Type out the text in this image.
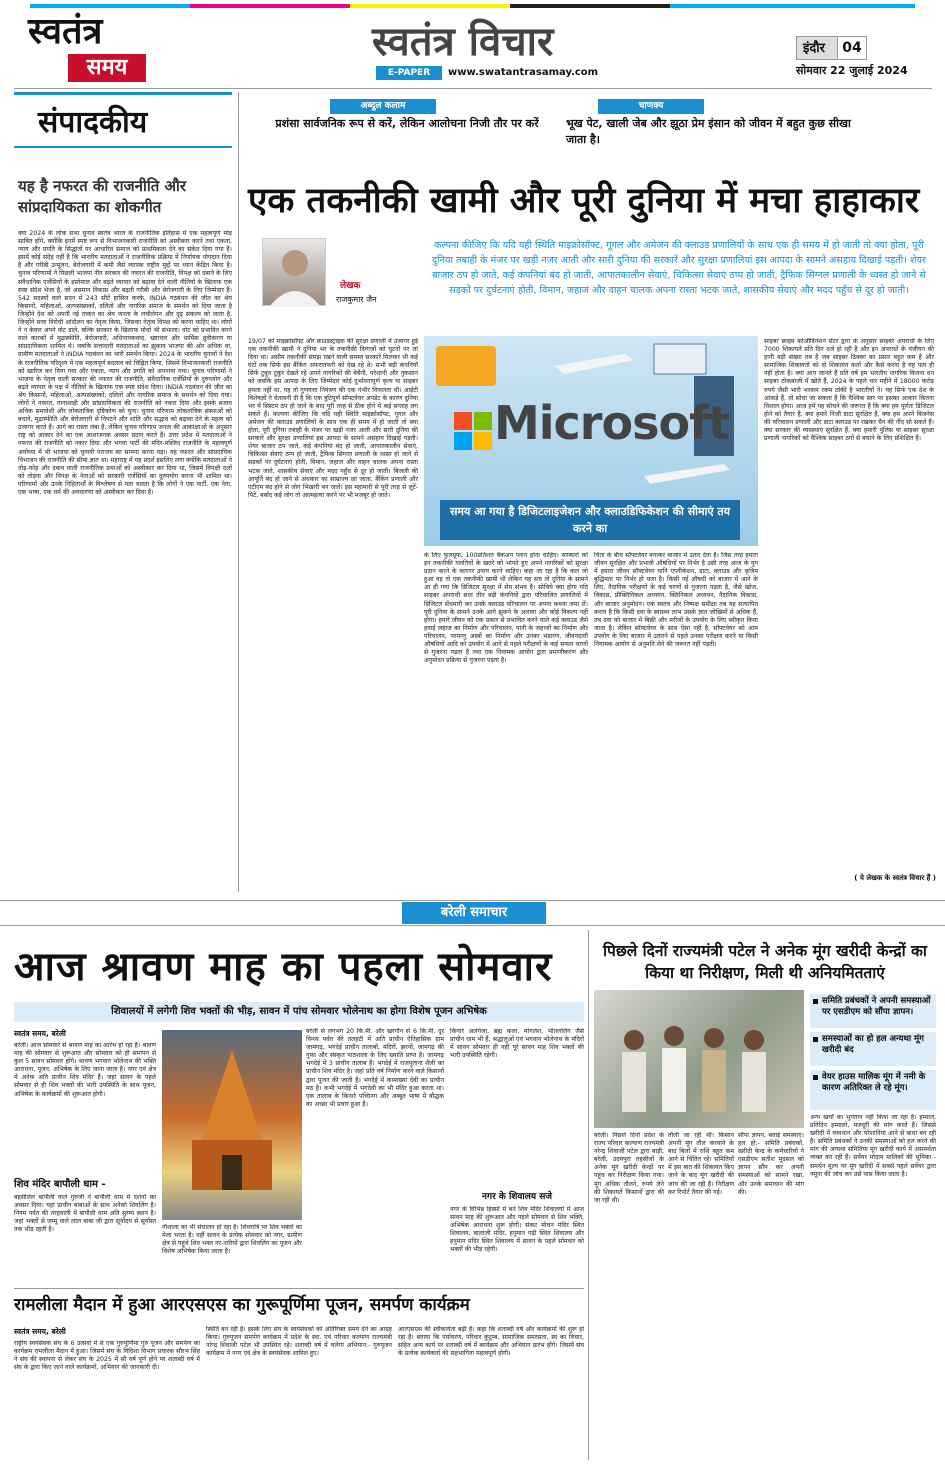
स्वतंत्र
समय
स्वतंत्र विचार
E-PAPER	www.swatantrasamay.com
इंदौर	04
सोमवार 22 जुलाई 2024
संपादकीय
यह है नफरत की राजनीति और सांप्रदायिकता का शोकगीत
क्या 2024 के लोक सभा चुनाव स्वतंत्र भारत के राजनीतिक इतिहास में एक महत्वपूर्ण मोड़ साबित होंगे, क्योंकि इनमें स्पष्ट रूप से विभाजनकारी राजनीति को अस्वीकार करने तथा एकता, न्याय और प्रगति के सिद्धांतों पर आधारित समाज को प्राथमिकता देने का संकेत दिया गया है। इसमें कोई संदेह नहीं है कि भारतीय मतदाताओं ने राजनीतिक प्रक्रिया में निर्णायक योगदान दिया है और गरीबी उन्मूलन, बेरोजगारी में कमी जैसे व्यापक राष्ट्रीय मुद्दों पर ध्यान केंद्रित किया है। चुनाव परिणामों ने पिछली भाजपा नीत सरकार की नफरत की राजनीति, विपक्ष को दबाने के लिए संवैधानिक एजेंसियों के इस्तेमाल और बढ़ते व्यापार को बढ़ावा देने वाली नीतियों के खिलाफ एक स्पष्ट संदेश भेजा है, जो असमान विकास और बढ़ती गरीबी और बेरोजगारी के लिए जिम्मेदार हैं। 542 सदस्यों वाले सदन में 243 सीटें हासिल करके, INDIA गठबंधन की जीत का श्रेय किसानों, महिलाओं, अल्पसंख्यकों, दलितों और नागरिक समाज के समर्थन को दिया जाता है जिन्होंने देश को अपनी नई ताकत का श्रेय जनता के लचीलेपन और दृढ़ संकल्प को जाता है, जिन्होंने सत्ता विरोधी आंदोलन का नेतृत्व किया, जिसका नेतृत्व विपक्ष को करना चाहिए था। लोगों ने न केवल अपने वोट डाले, बल्कि सरकार के खिलाफ मोर्चा भी संभाला। वोट को प्रभावित करने वाले कारकों में मुद्रास्फीति, बेरोजगारी, अधिनायकवाद, भ्रष्टाचार और धार्मिक ध्रुवीकरण या सांप्रदायिकता शामिल थे। जबकि सत्ताधारी मतदाताओं का झुकाव भाजपा की ओर अधिक था, ग्रामीण मतदाताओं ने INDIA गठबंधन का भारी समर्थन किया। 2024 के भारतीय चुनावों ने देश के राजनीतिक परिदृश्य में एक महत्वपूर्ण बदलाव को चिह्नित किया, जिसमें विभाजनकारी राजनीति को खारिज कर दिया गया और एकता, न्याय और प्रगति को अपनाया गया। चुनाव परिणामों ने भाजपा के नेतृत्व वाली सरकार की नफरत की राजनीति, संवैधानिक एजेंसियों के दुरुपयोग और बढ़ते व्यापार के पक्ष में नीतियों के खिलाफ एक स्पष्ट संदेश दिया। INDIA गठबंधन की जीत का श्रेय किसानों, महिलाओं, अल्पसंख्यकों, दलितों और नागरिक समाज के समर्थन को दिया गया। लोगों ने नफरत, तानाशाही और सांप्रदायिकता की राजनीति को नकार दिया और इसके बजाय अधिक समावेशी और लोकतांत्रिक दृष्टिकोण को चुना। चुनाव परिणाम लोकतांत्रिक संस्थाओं को बचाने, मुद्रास्फीति और बेरोजगारी से निपटने और शांति और सद्भाव को बढ़ावा देने के महत्व को उजागर करते हैं। आगे का रास्ता लंबा है, लेकिन चुनाव परिणाम जनता की आकांक्षाओं के अनुसार राष्ट्र को आकार देने का एक आशाजनक अवसर प्रदान करते हैं। उत्तर प्रदेश में मतदाताओं ने नफरत की राजनीति को नकार दिया और भगवा पार्टी की मंदिर-मस्जिद राजनीति के महत्वपूर्ण अयोध्या में भी भाजपा को चुनावी पराजय का सामना करना पड़ा। यह नफरत और सांप्रदायिक विभाजन की राजनीति की सीमा ज्ञात था। महाराष्ट्र में यह प्रदर्श इसलिए लगा क्योंकि मतदाताओं ने तोड़-फोड़ और दबाव वाली राजनीतिक प्रथाओं को अस्वीकार कर दिया था, जिसमें विपक्षी दलों को तोड़ना और विपक्ष के नेताओं को सरकारी एजेंसियों का दुरुपयोग करना भी शामिल था। परिणामों और उनके निहितार्थों के विश्लेषण से पता चलता है कि लोगों ने एक पार्टी, एक नेता, एक भाषा, एक धर्म की अवधारणा को अस्वीकार कर दिया है।
अब्दुल कलाम
प्रशंसा सार्वजनिक रूप से करें, लेकिन आलोचना निजी तौर पर करें
चाणक्य
भूख पेट, खाली जेब और झूठा प्रेम इंसान को जीवन में बहुत कुछ सीखा जाता है।
एक तकनीकी खामी और पूरी दुनिया में मचा हाहाकार
लेखक
राजकुमार जैन
कल्पना कीजिए कि यदि यही स्थिति माइक्रोसॉफ्ट, गूगल और अमेजन की क्लाउड प्रणालियों के साथ एक ही समय में हो जाती तो क्या होता, पूरी दुनिया तबाही के मंजर पर खड़ी नजर आती और सारी दुनिया की सरकारें और सुरक्षा प्रणालियां इस आपदा के सामने असहाय दिखाई पड़ती। शेयर बाजार ठप हो जाते, कई कंपनियां बंद हो जाती, आपातकालीन सेवाएं, चिकित्सा सेवाएं ठप्प हो जाती, ट्रैफिक सिग्नल प्रणाली के ध्वस्त हो जाने से सड़कों पर दुर्घटनाएं होती, विमान, जहाज और वाहन चालक अपना रास्ता भटक जाते, शासकीय सेवाएं और मदद पहुँच से दूर हो जाती।
Microsoft
समय आ गया है डिजिटलाइजेशन और क्लाउडिफिकेशन की सीमाएं तय करने का
19/07 को माइक्रोसॉफ्ट और क्राउडस्ट्राइक की सुरक्षा प्रणाली में उजागर हुई एक तकनीकी खामी ने दुनिया भर के तकनीकी दिग्गजों को घुटनों पर ला दिया था। असीम तकनीकी समझ रखने वाली समस्त सरकारें मिलकर भी कई घंटों तक सिर्फ इस बैंकिंग अफरातफरी को देख रहे थे। सभी बड़ी कंपनियाँ सिर्फ टुकुर टुकुर देखते रहे अपने नागरिकों की बेचैनी, परेशानी और नुकसान को जबकि इस आपदा के लिए जिम्मेदार कोई दुर्भावनापूर्ण कृत्य या साइबर हमला नहीं था, यह तो गुणवत्ता नियंत्रण की एक गंभीर विफलता थी। आईटी विशेषज्ञों ने चेतावनी दी है कि एक त्रुटिपूर्ण सॉफ्टवेयर अपडेट के कारण दुनिया भर में सिस्टम ठप हो जाने के बाद पूरी तरह से ठीक होने में कई सप्ताह लग सकते हैं। कल्पना कीजिए कि यदि यही स्थिति माइक्रोसॉफ्ट, गूगल और अमेजन की क्लाउड प्रणालियों के साथ एक ही समय में हो जाती तो क्या होता, पूरी दुनिया तबाही के मंजर पर खड़ी नजर आती और सारी दुनिया की सरकारें और सुरक्षा प्रणालियां इस आपदा के सामने असहाय दिखाई पड़ती। शेयर बाजार ठप जाते, कई कंपनियां बंद हो जाती, आपातकालीन सेवाएं, चिकित्सा सेवाएं ठप्प हो जाती, ट्रैफिक सिग्नल प्रणाली के ध्वस्त हो जाने से सड़कों पर दुर्घटनाएं होती, विमान, जहाज और वाहन चालक अपना रास्ता भटक जाते, शासकीय सेवाएं और मदद पहुँच से दूर हो जाती। बिजली की आपूर्ति बंद हो जाने से अंधकार का साम्राज्य छा जाता, बैंकिंग प्रणाली और एटीएम बंद होने से लोग भिखारी बन जाते। इस महामारी से पूरी तरह से लूटें-पिटें, बर्बाद कई लोग तो आत्महत्या करने पर भी मजबूर हो जाते।
के लिए फुलप्रूफ, 100प्रतिशत बैकअप प्लान होना चाहिए। सरकारों को इन तकनीकी गलतियों के खतरे को भांपते हुए अपने नागरिकों को सुरक्षा प्रदान करने के कारगर उपाय करने चाहिए। कहा जा रहा है कि कल जो हुआ वह तो एक तकनीकी खामी थी लेकिन यह सच तो दुनिया के सामने आ ही गया कि डिजिटल सुरक्षा में सेंध संभव है। सोचिये क्या होगा यदि साइबर अपराधी सात तीन बड़ी कंपनियों द्वारा परिचालित प्रणालियों में डिजिटल सेंधमारी कर उनके क्लाउड परिचालन पर अपना कब्जा जमा लें। पूरी दुनिया के सामने उनके आगे झुकने के अलावा और कोई विकल्प नहीं होगा। हमारे जीवन को एक प्रकार से प्रभावित करने वाले कई क्लाउड जैसे हवाई जहाज का निर्माण और परिचालन, पानी के जहाजों का निर्माण और परिचालन, परमाणु अस्त्रों का निर्माण और उनका भंडारण, जीवनदायी औषधियों आदि को उपयोग में आने से पहले परीक्षणों के कई सफल चरणों से गुजरना पड़ता है तथा एक नियामक आयोग द्वारा प्रमाणीकरण और अनुमोदन प्रक्रिया से गुजरना पड़ता है।
चिंता के बीच सॉफ्टवेयर बनाकर बाजार में उतार देता है। जिस तरह हमारा जीवन सुरक्षित और प्रभावी औषधियों पर निर्भर है उसी तरह आज के युग में हमारा जीवन सॉफ्टवेयर यानि एप्लीकेशन, डाटा, क्लाउड और कृत्रिम बुद्धिमता पर निर्भर हो चला है। किसी नई औषधी को बाजार में आने के लिए, नैदानिक परीक्षणों के कई चरणों से गुजरना पड़ता है, जैसे खोज, विकास, प्रीक्लिनिकल अध्ययन, क्लिनिकल अध्ययन, नैदानिक विकास, और बाजार अनुमोदन। एक स्वतंत्र और निष्पक्ष समीक्षा तब यह सत्यापित करता है कि किसी दवा के स्वास्थ्य लाभ उसके ज्ञात जोखिमों से अधिक हैं, तब दवा को बाजार में बिक्री और मरीजों के उपयोग के लिए स्वीकृत किया जाता है। लेकिन सॉफ्टवेयर के साथ ऐसा नहीं है, सॉफ्टवेयर को आम उपयोग के लिए बाजार में उतारने से पहले उनका परीक्षण करने या किसी नियामक आयोग से अनुमति लेने की जरूरत नहीं पड़ती।
साइबर क्राइम कोऑर्डिनेशन सेंटर द्वारा के अनुसार साइबर अपराधों के लिए 7000 शिकायतें प्रति दिन दर्ज हो रही है और इन अपराधों के पंजीयन की हानी बड़ी संख्या तब है जब साइबर ठिक्का का प्रसार बहुत कम है और सामाजिक शिकायतों को दो शिकायत कर्ता और कैसे करना है यह पता ही नहीं होता है। क्या आप जानते हैं प्रति वर्ष हम भारतीय नागरिक कितना धन साइबर ठोकबाजी में खोते हैं, 2024 के पहले चार महीने में 18000 करोड़ रुपये जैसी भारी भरकम रकम ठोकी है भारतीयों ने। यह सिर्फ एक देश के आंकड़े हैं, तो सोचा जा सकता है कि वैश्विक स्तर पर इसका आकार कितना विशाल होगा। आज हमें यह सोचने की जरूरत है कि क्या हम पूर्णतः डिजिटल होने को तैयार हैं, क्या हमारे निजी डाटा सुरक्षित है, क्या हम अपने बिजनेस की परिचालन प्रणाली और डाटा क्लाउड पर रखकर चैन की नींद सो सकते हैं। क्या सरकार की व्यवस्थाएं सुरक्षित हैं, क्या हमारी पुलिस या साइबर सुरक्षा प्रणाली नागरिकों को वैश्विक साइबर ठगों से बचाने के लिए प्रशिक्षित हैं।
( ये लेखक के स्वतंत्र विचार हैं )
बरेली समाचार
आज श्रावण माह का पहला सोमवार
शिवालयों में लगेगी शिव भक्तों की भीड़, सावन में पांच सोमवार भोलेनाथ का होगा विशेष पूजन अभिषेक
स्वतंत्र समय, बरेली
बरेली। आज सोमवार से श्रावण माह का आरंभ हो रहा है। श्रावण माह की सोमवार से शुरूआत और सोमवार को ही समापन से कुल 5 सावन सोमवार होंगे। श्रावण भगवान भोलेनाथ की भक्ति आराधना, पूजन, अभिषेक के लिए जाना जाता है। नगर एवं क्षेत्र में अनेक अति प्राचीन शिव मंदिर हैं। जहां सावन के पहले सोमवार से ही शिव भक्तों की भारी उपस्थिति के साथ पूजन, अभिषेक के कार्यक्रमों की शुरूआत होगी।
शिव मंदिर बापौली धाम -
बहसीलेल बापौली वाले गुरुजी ने बापौली धाम में दर्शनों का अवसर दिया। यहां प्राचीन बाबाओं के साथ अनेको शिवलिंग है। नियम पर्वत की तरहवाली में बापौली धाम अति सुरम्य स्थान है। जहां भक्तों से जम्मू वाले लाल बाबा जी द्वारा सूर्योदय से सूर्यास्त तक भीड़ रहती है।	गौशाला का भी संचालन हो रहा है। शिवरात्रि पर शिव भक्तों का मेला भरता है। वहीं सावन के प्रत्येक सोमवार को नगर, ग्रामीण क्षेत्र से पहुंचे शिव भक्त नर-नारियों द्वारा शिवलिंग का पूजन और विशेष अभिषेक किया जाता है।
बरेली से लगभग 20 कि.मी. और खरगौन से 6 कि.मी. दूर विन्ध्य पर्वत की तलहटी में अति प्राचीन ऐतिहासिक ग्राम जामगढ़, भगदेई प्राचीन तालाबों, मंदिरों, झरनों, जामगढ़ की गुफा और संस्कृत पाठशाला के लिए ख्याति प्राप्त है। जामगढ़ भगदेई में 3 प्राचीन तालाब हैं। भगदेई में राजपूताना शैली का प्राचीन शिव मंदिर है। जहां प्रति वर्ष निर्माण करने वाले किसानों द्वारा पूजन की जाती है। भगदेई में कामाख्या देवी का प्राचीन मठ है। कभी भगदेई में भगदेवी का भी मंदिर हुआ करता था। एक तालाब के किनारे पच्चिनग और अब्बूत भाषा में बौद्धक का अच्छा भी प्रचार हुआ है।
किनारे अलंगेजा, ब्रह्म कला, मांगलेश, भीतललिंग जैसे प्राचीन धाम भी हैं, श्रद्धालुओं एवं भगवान भोलेनाथ के मंदिरों में सावन सोमवार ही नहीं पूरे सावन माह शिव भक्तों की भारी उपस्थिति रहेगी।
नगर के शिवालय सजे
नगर के विभिन्न हिस्सों में बने शिव मंदिर शिवालयों में आज सावन माह की शुरूआत और पहले सोमवार से शिव भक्ति, अभिषेक आराधना शुरू होगी। संकट मोचन मंदिर स्थित शिवालय, बालाजी मंदिर, हनुमान गढ़ी स्थित शिवालय और हनुमान मंदिर स्थित शिवालय में सावन के पहले सोमवार को भक्तों की भीड़ रहेगी।
पिछले दिनों राज्यमंत्री पटेल ने अनेक मूंग खरीदी केन्द्रों का किया था निरीक्षण, मिली थी अनियमितताएं
समिति प्रबंधकों ने अपनी समस्याओं पर एसडीएम को सौंपा ज्ञापन।
समस्याओं का हो हल अन्यथा मूंग खरीदी बंद
वेयर हाउस मालिक मूंग में नमी के कारण अतिरिक्त ले रहे मूंग।
बरेली। पिछले दिनों प्रदेश के राज्य परिवार कल्याण राज्यमंत्री नरेन्द्र शिवाजी पटेल द्वारा बाड़ी, बरेली, उदयपुरा तहसीलों के अनेक मूंग खरीदी केन्द्रों पर पहुंच कर निरीक्षण किया गया। मूंग अधिक तौलने, रुपये लेने की शिकायतें किसानों द्वारा की जा रही थी।
तौली जा रही थी। किसान अपनी मूंग तौल करवाने के बाद बिलों में राशि बहुत कम आने से चिंतित रहे। समितियों में इस बात की शिकायत किए जाने के बाद मूंग खरीदी की जांच की जा रही है। निरीक्षण कर रिपोर्ट तैयार की गई।
सौंपा ज्ञापन, बताई समस्याएं। हल हो:- समिति प्रबंधकों, खरीदी केन्द्र के कर्मचारियों ने एसडीएम सतीश मूदसल को ज्ञापन सौंप कर अपनी समस्याओं को सामने रखा, और उनके समाधान की मांग की।
अन्य खर्चों का भुगतान नहीं किया जा रहा है। हम्माल, प्रतिदिन हम्मालो, मजदूरी की मांग करते हैं। जिससे खरीदी में व्यवधान और परेशानियां आने से बाधा बन रही है। समिति प्रबंधकों ने उनकी समस्याओं को हल करने की मांग की अन्यथा समितिया मूंग खरीदी कार्य में असमर्थता व्यक्त कर रही हैं। सर्वेयर मोदाम मालिकों की भूमिका - समर्थन मूल्य पर मूंग खरीदी में सबसे पहले सर्वेयर द्वारा नमूना की जांच कर उसे पास किया जाता है।
रामलीला मैदान में हुआ आरएसएस का गुरूपूर्णिमा पूजन, समर्पण कार्यक्रम
स्वतंत्र समय, बरेली
राष्ट्रीय स्वयंसेवक संघ के 6 उत्सवों में से एक गुरुपूर्णिमा गुरु पूजन और समर्पण का कार्यक्रम रामलीला मैदान में हुआ। जिसमें संघ के विदिशा विभाग प्रचारक सौरभ सिंह ने संघ की स्थापना से लेकर संघ के 2025 में सौ वर्ष पूर्ण होने पर शताब्दी वर्ष में संघ के द्वारा किए जाने वाले कार्यक्रमों, अभियान की जानकारी दी।
स्थिति बन रही है। इसके लिए संघ के स्वयंसेवकों को अतिरिक्त समय देने का आग्रह किया। गुरुपूजन समर्पण कार्यक्रम में प्रदेश के स्वा. एवं परिवार कल्याण राज्यमंत्री नरेन्द्र शिवाजी पटेल भी उपस्थित रहे। शताब्दी वर्ष में चलेगा अभियान:- गुरुपूजन कार्यक्रम में नगर एवं क्षेत्र के स्वयंसेवक शामिल हुए।
आरएसएस की स्वीकार्यता बढ़ी है। कहा कि शताब्दी वर्ष और कार्यक्रमों की शुरू हो रहा है। बताया कि पर्यावरण, परिवार कुटुम्ब, सामाजिक समरसता, स्व का विचार, सहित अन्य कार्य पर शताब्दी वर्ष में कार्यक्रम और अभियान प्रारंभ होंगे। जिसमें संघ के प्रत्येक कार्यकर्ता की सहभागिता महत्वपूर्ण होगी।
